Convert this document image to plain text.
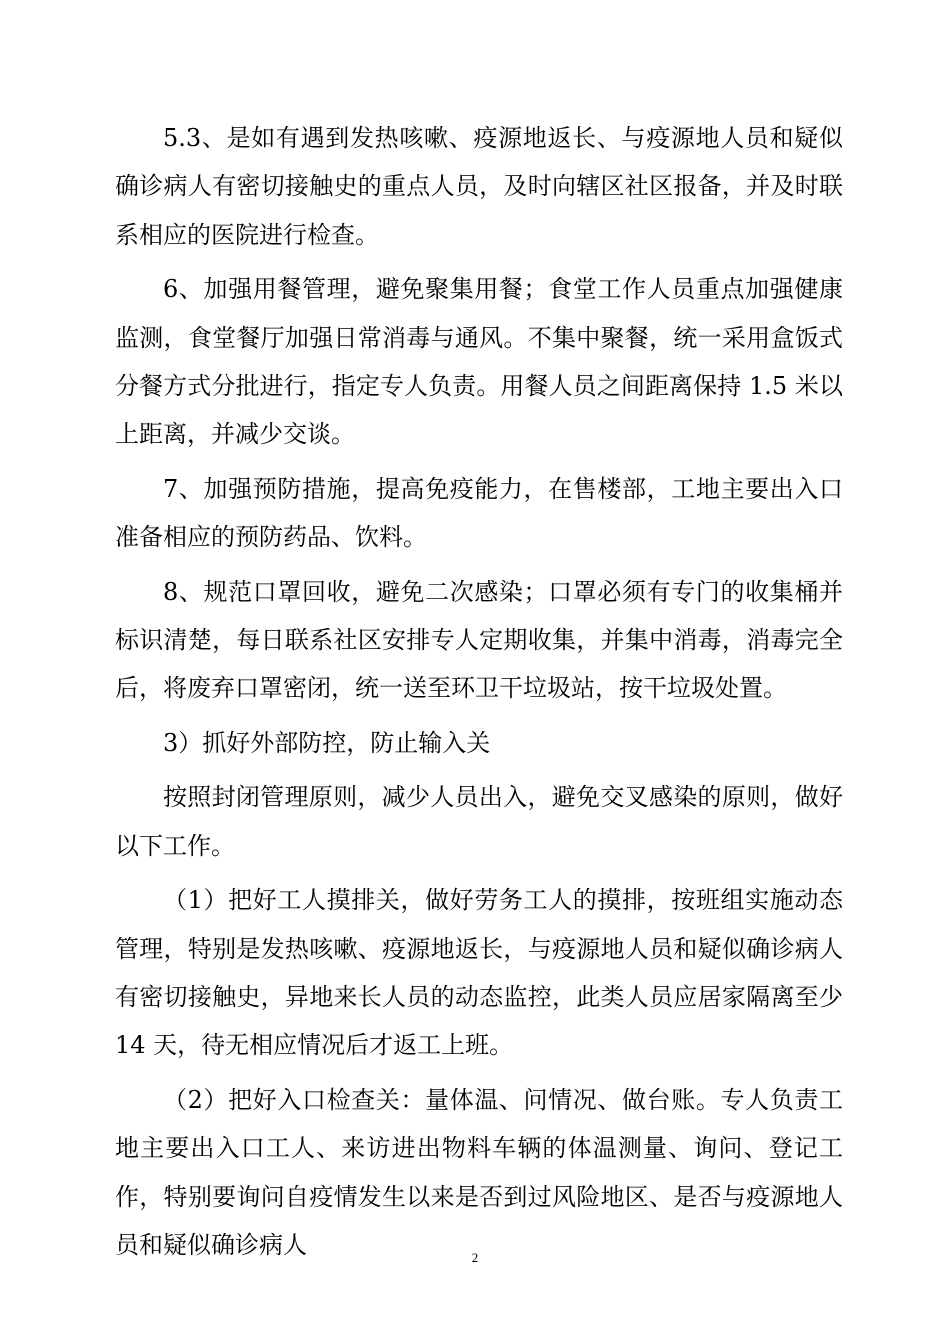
5.3、是如有遇到发热咳嗽、疫源地返长、与疫源地人员和疑似确诊病人有密切接触史的重点人员，及时向辖区社区报备，并及时联系相应的医院进行检查。

6、加强用餐管理，避免聚集用餐；食堂工作人员重点加强健康监测，食堂餐厅加强日常消毒与通风。不集中聚餐，统一采用盒饭式分餐方式分批进行，指定专人负责。用餐人员之间距离保持 1.5 米以上距离，并减少交谈。

7、加强预防措施，提高免疫能力，在售楼部，工地主要出入口准备相应的预防药品、饮料。

8、规范口罩回收，避免二次感染；口罩必须有专门的收集桶并标识清楚，每日联系社区安排专人定期收集，并集中消毒，消毒完全后，将废弃口罩密闭，统一送至环卫干垃圾站，按干垃圾处置。

3）抓好外部防控，防止输入关

按照封闭管理原则，减少人员出入，避免交叉感染的原则，做好以下工作。

（1）把好工人摸排关，做好劳务工人的摸排，按班组实施动态管理，特别是发热咳嗽、疫源地返长，与疫源地人员和疑似确诊病人有密切接触史，异地来长人员的动态监控，此类人员应居家隔离至少 14 天，待无相应情况后才返工上班。

（2）把好入口检查关：量体温、问情况、做台账。专人负责工地主要出入口工人、来访进出物料车辆的体温测量、询问、登记工作，特别要询问自疫情发生以来是否到过风险地区、是否与疫源地人员和疑似确诊病人	2
